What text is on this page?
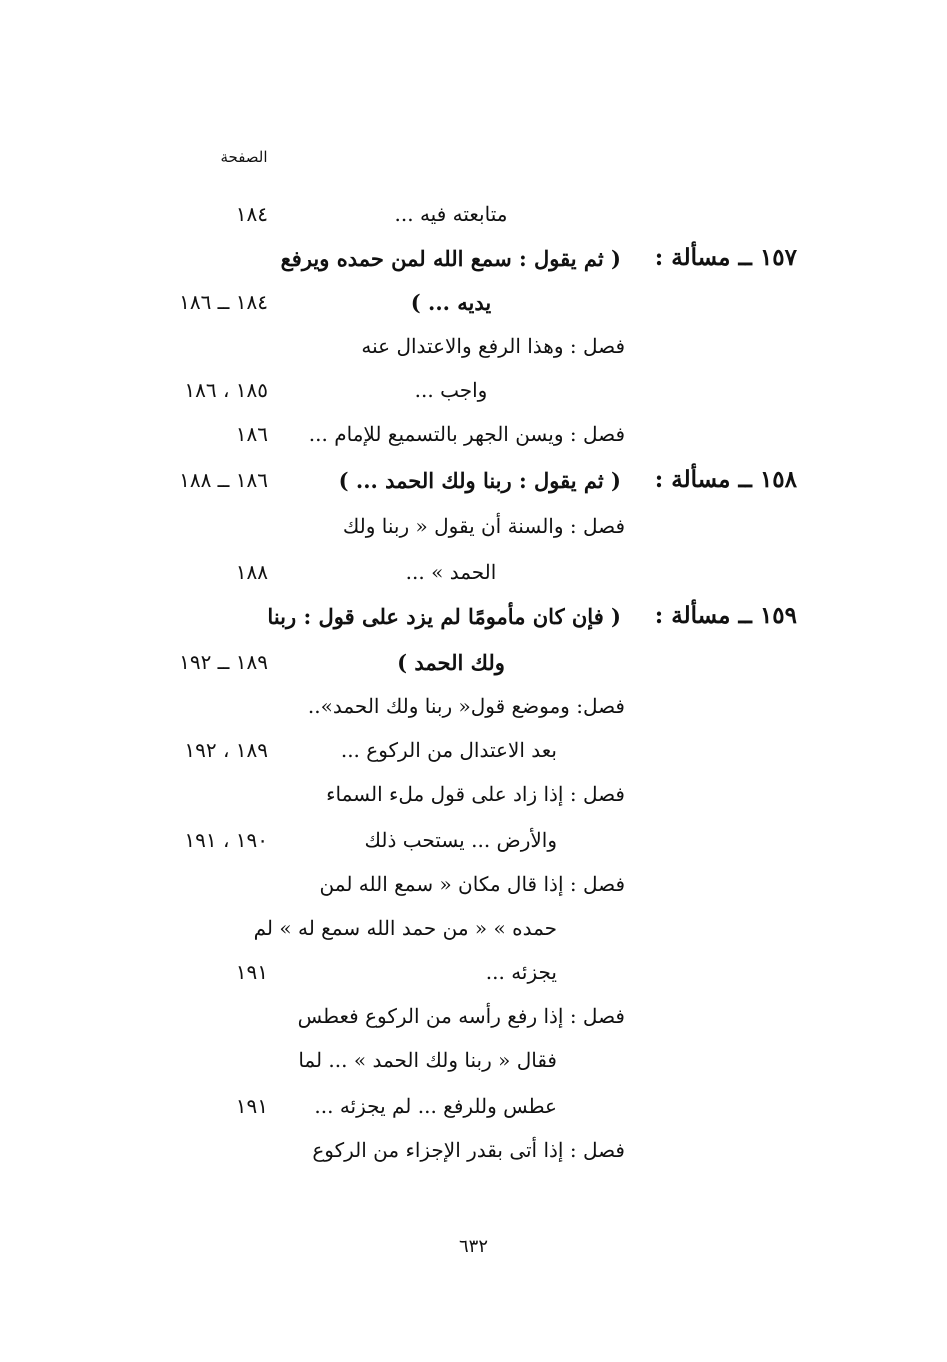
الصفحة
متابعته فيه ...
١٨٤
١٥٧ ــ مسألة :
( ثم يقول : سمع الله لمن حمده ويرفع
يديه ... )
١٨٤ ــ ١٨٦
فصل : وهذا الرفع والاعتدال عنه
واجب ...
١٨٥ ، ١٨٦
فصل : ويسن الجهر بالتسميع للإمام ...
١٨٦
١٥٨ ــ مسألة :
( ثم يقول : ربنا ولك الحمد ... )
١٨٦ ــ ١٨٨
فصل : والسنة أن يقول « ربنا ولك
الحمد » ...
١٨٨
١٥٩ ــ مسألة :
( فإن كان مأمومًا لم يزد على قول : ربنا
ولك الحمد )
١٨٩ ــ ١٩٢
فصل: وموضع قول« ربنا ولك الحمد»..
بعد الاعتدال من الركوع ...
١٨٩ ، ١٩٢
فصل : إذا زاد على قول ملء السماء
والأرض ... يستحب ذلك
١٩٠ ، ١٩١
فصل : إذا قال مكان « سمع الله لمن
حمده » « من حمد الله سمع له » لم
يجزئه ...
١٩١
فصل : إذا رفع رأسه من الركوع فعطس
فقال « ربنا ولك الحمد » ... لما
عطس وللرفع ... لم يجزئه ...
١٩١
فصل : إذا أتى بقدر الإجزاء من الركوع
٦٣٢
